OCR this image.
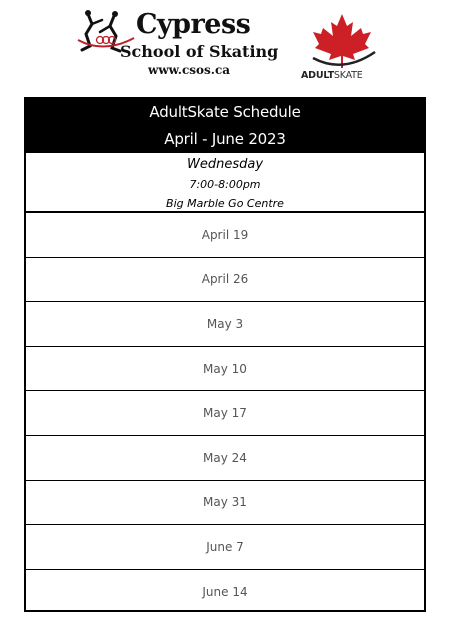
Cypress
School of Skating
www.csos.ca	ADULTSKATE
AdultSkate Schedule
April - June 2023
Wednesday
7:00-8:00pm
Big Marble Go Centre
April 19
April 26
May 3
May 10
May 17
May 24
May 31
June 7
June 14
